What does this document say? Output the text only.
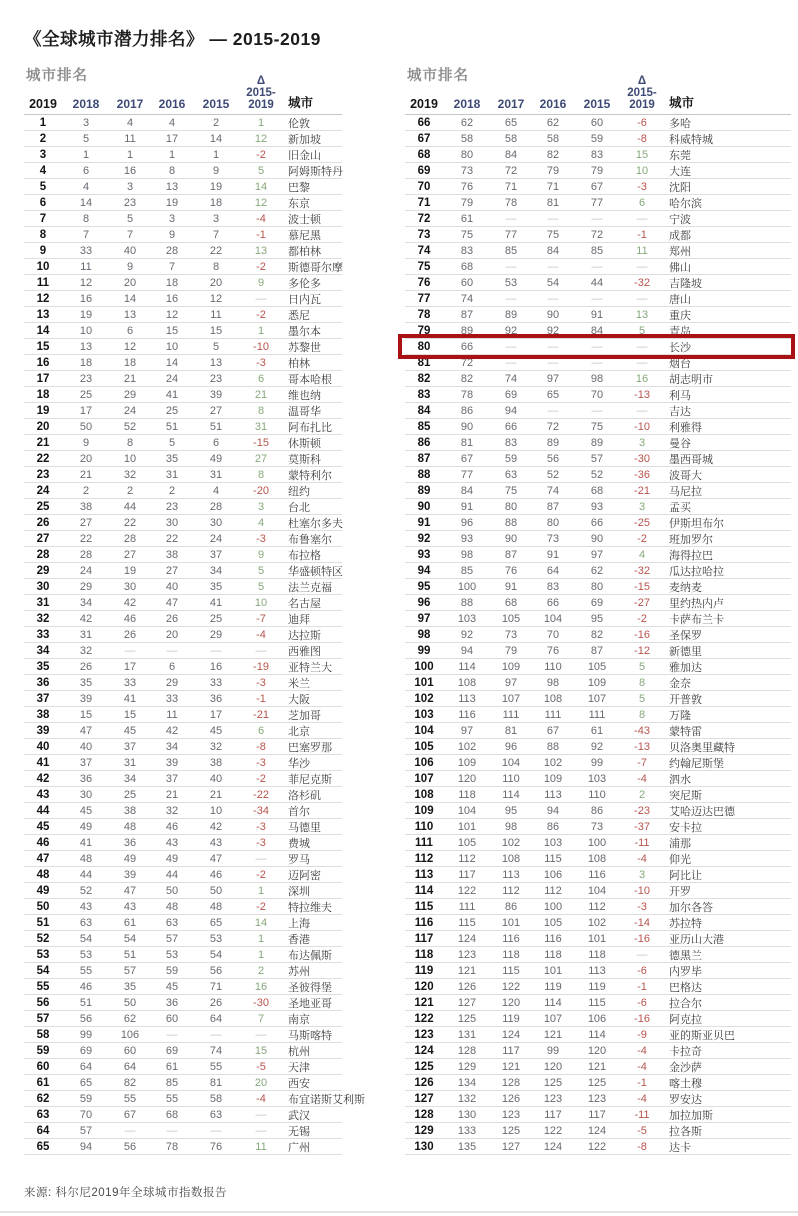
《全球城市潜力排名》 — 2015-2019
城市排名
2019	2018	2017	2016	2015
Δ
2015-
2019	城市
1	3	4	4	2	1	伦敦
2	5	11	17	14	12	新加坡
3	1	1	1	1	-2	旧金山
4	6	16	8	9	5	阿姆斯特丹
5	4	3	13	19	14	巴黎
6	14	23	19	18	12	东京
7	8	5	3	3	-4	波士顿
8	7	7	9	7	-1	慕尼黑
9	33	40	28	22	13	都柏林
10	11	9	7	8	-2	斯德哥尔摩
11	12	20	18	20	9	多伦多
12	16	14	16	12	—	日内瓦
13	19	13	12	11	-2	悉尼
14	10	6	15	15	1	墨尔本
15	13	12	10	5	-10	苏黎世
16	18	18	14	13	-3	柏林
17	23	21	24	23	6	哥本哈根
18	25	29	41	39	21	维也纳
19	17	24	25	27	8	温哥华
20	50	52	51	51	31	阿布扎比
21	9	8	5	6	-15	休斯顿
22	20	10	35	49	27	莫斯科
23	21	32	31	31	8	蒙特利尔
24	2	2	2	4	-20	纽约
25	38	44	23	28	3	台北
26	27	22	30	30	4	杜塞尔多夫
27	22	28	22	24	-3	布鲁塞尔
28	28	27	38	37	9	布拉格
29	24	19	27	34	5	华盛顿特区
30	29	30	40	35	5	法兰克福
31	34	42	47	41	10	名古屋
32	42	46	26	25	-7	迪拜
33	31	26	20	29	-4	达拉斯
34	32	—	—	—	—	西雅图
35	26	17	6	16	-19	亚特兰大
36	35	33	29	33	-3	米兰
37	39	41	33	36	-1	大阪
38	15	15	11	17	-21	芝加哥
39	47	45	42	45	6	北京
40	40	37	34	32	-8	巴塞罗那
41	37	31	39	38	-3	华沙
42	36	34	37	40	-2	菲尼克斯
43	30	25	21	21	-22	洛杉矶
44	45	38	32	10	-34	首尔
45	49	48	46	42	-3	马德里
46	41	36	43	43	-3	费城
47	48	49	49	47	—	罗马
48	44	39	44	46	-2	迈阿密
49	52	47	50	50	1	深圳
50	43	43	48	48	-2	特拉维夫
51	63	61	63	65	14	上海
52	54	54	57	53	1	香港
53	53	51	53	54	1	布达佩斯
54	55	57	59	56	2	苏州
55	46	35	45	71	16	圣彼得堡
56	51	50	36	26	-30	圣地亚哥
57	56	62	60	64	7	南京
58	99	106	—	—	—	马斯喀特
59	69	60	69	74	15	杭州
60	64	64	61	55	-5	天津
61	65	82	85	81	20	西安
62	59	55	55	58	-4	布宜诺斯艾利斯
63	70	67	68	63	—	武汉
64	57	—	—	—	—	无锡
65	94	56	78	76	11	广州
城市排名
2019	2018	2017	2016	2015
Δ
2015-
2019	城市
66	62	65	62	60	-6	多哈
67	58	58	58	59	-8	科威特城
68	80	84	82	83	15	东莞
69	73	72	79	79	10	大连
70	76	71	71	67	-3	沈阳
71	79	78	81	77	6	哈尔滨
72	61	—	—	—	—	宁波
73	75	77	75	72	-1	成都
74	83	85	84	85	11	郑州
75	68	—	—	—	—	佛山
76	60	53	54	44	-32	吉隆坡
77	74	—	—	—	—	唐山
78	87	89	90	91	13	重庆
79	89	92	92	84	5	青岛
80	66	—	—	—	—	长沙
81	72	—	—	—	—	烟台
82	82	74	97	98	16	胡志明市
83	78	69	65	70	-13	利马
84	86	94	—	—	—	吉达
85	90	66	72	75	-10	利雅得
86	81	83	89	89	3	曼谷
87	67	59	56	57	-30	墨西哥城
88	77	63	52	52	-36	波哥大
89	84	75	74	68	-21	马尼拉
90	91	80	87	93	3	孟买
91	96	88	80	66	-25	伊斯坦布尔
92	93	90	73	90	-2	班加罗尔
93	98	87	91	97	4	海得拉巴
94	85	76	64	62	-32	瓜达拉哈拉
95	100	91	83	80	-15	麦纳麦
96	88	68	66	69	-27	里约热内卢
97	103	105	104	95	-2	卡萨布兰卡
98	92	73	70	82	-16	圣保罗
99	94	79	76	87	-12	新德里
100	114	109	110	105	5	雅加达
101	108	97	98	109	8	金奈
102	113	107	108	107	5	开普敦
103	116	111	111	111	8	万隆
104	97	81	67	61	-43	蒙特雷
105	102	96	88	92	-13	贝洛奥里藏特
106	109	104	102	99	-7	约翰尼斯堡
107	120	110	109	103	-4	泗水
108	118	114	113	110	2	突尼斯
109	104	95	94	86	-23	艾哈迈达巴德
110	101	98	86	73	-37	安卡拉
111	105	102	103	100	-11	浦那
112	112	108	115	108	-4	仰光
113	117	113	106	116	3	阿比让
114	122	112	112	104	-10	开罗
115	111	86	100	112	-3	加尔各答
116	115	101	105	102	-14	苏拉特
117	124	116	116	101	-16	亚历山大港
118	123	118	118	118	—	德黑兰
119	121	115	101	113	-6	内罗毕
120	126	122	119	119	-1	巴格达
121	127	120	114	115	-6	拉合尔
122	125	119	107	106	-16	阿克拉
123	131	124	121	114	-9	亚的斯亚贝巴
124	128	117	99	120	-4	卡拉奇
125	129	121	120	121	-4	金沙萨
126	134	128	125	125	-1	喀土穆
127	132	126	123	123	-4	罗安达
128	130	123	117	117	-11	加拉加斯
129	133	125	122	124	-5	拉各斯
130	135	127	124	122	-8	达卡
来源: 科尔尼2019年全球城市指数报告
